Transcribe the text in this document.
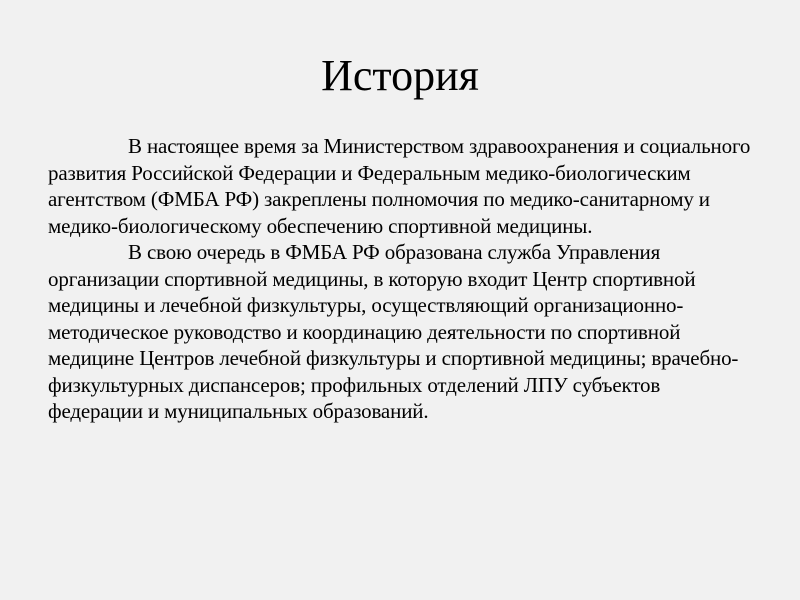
История

В настоящее время за Министерством здравоохранения и социального развития Российской Федерации и Федеральным медико-биологическим агентством (ФМБА РФ) закреплены полномочия по медико-санитарному и медико-биологическому обеспечению спортивной медицины.

В свою очередь в ФМБА РФ образована служба Управления организации спортивной медицины, в которую входит Центр спортивной медицины и лечебной физкультуры, осуществляющий организационно-методическое руководство и координацию деятельности по спортивной медицине Центров лечебной физкультуры и спортивной медицины; врачебно-физкультурных диспансеров; профильных отделений ЛПУ субъектов федерации и муниципальных образований.
